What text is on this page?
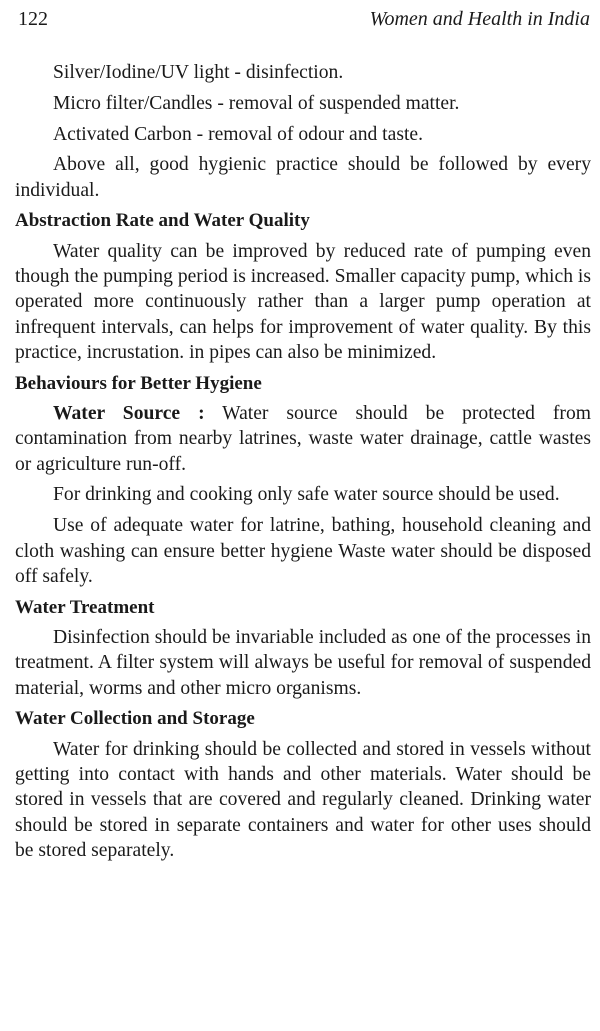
122	Women and Health in India

Silver/Iodine/UV light - disinfection.

Micro filter/Candles - removal of suspended matter.

Activated Carbon - removal of odour and taste.

Above all, good hygienic practice should be followed by every individual.

Abstraction Rate and Water Quality

Water quality can be improved by reduced rate of pumping even though the pumping period is increased. Smaller capacity pump, which is operated more continuously rather than a larger pump operation at infrequent intervals, can helps for improvement of water quality. By this practice, incrustation. in pipes can also be minimized.

Behaviours for Better Hygiene

Water Source : Water source should be protected from contamination from nearby latrines, waste water drainage, cattle wastes or agriculture run-off.

For drinking and cooking only safe water source should be used.

Use of adequate water for latrine, bathing, household cleaning and cloth washing can ensure better hygiene Waste water should be disposed off safely.

Water Treatment

Disinfection should be invariable included as one of the processes in treatment. A filter system will always be useful for removal of suspended material, worms and other micro organisms.

Water Collection and Storage

Water for drinking should be collected and stored in vessels without getting into contact with hands and other materials. Water should be stored in vessels that are covered and regularly cleaned. Drinking water should be stored in separate containers and water for other uses should be stored separately.
